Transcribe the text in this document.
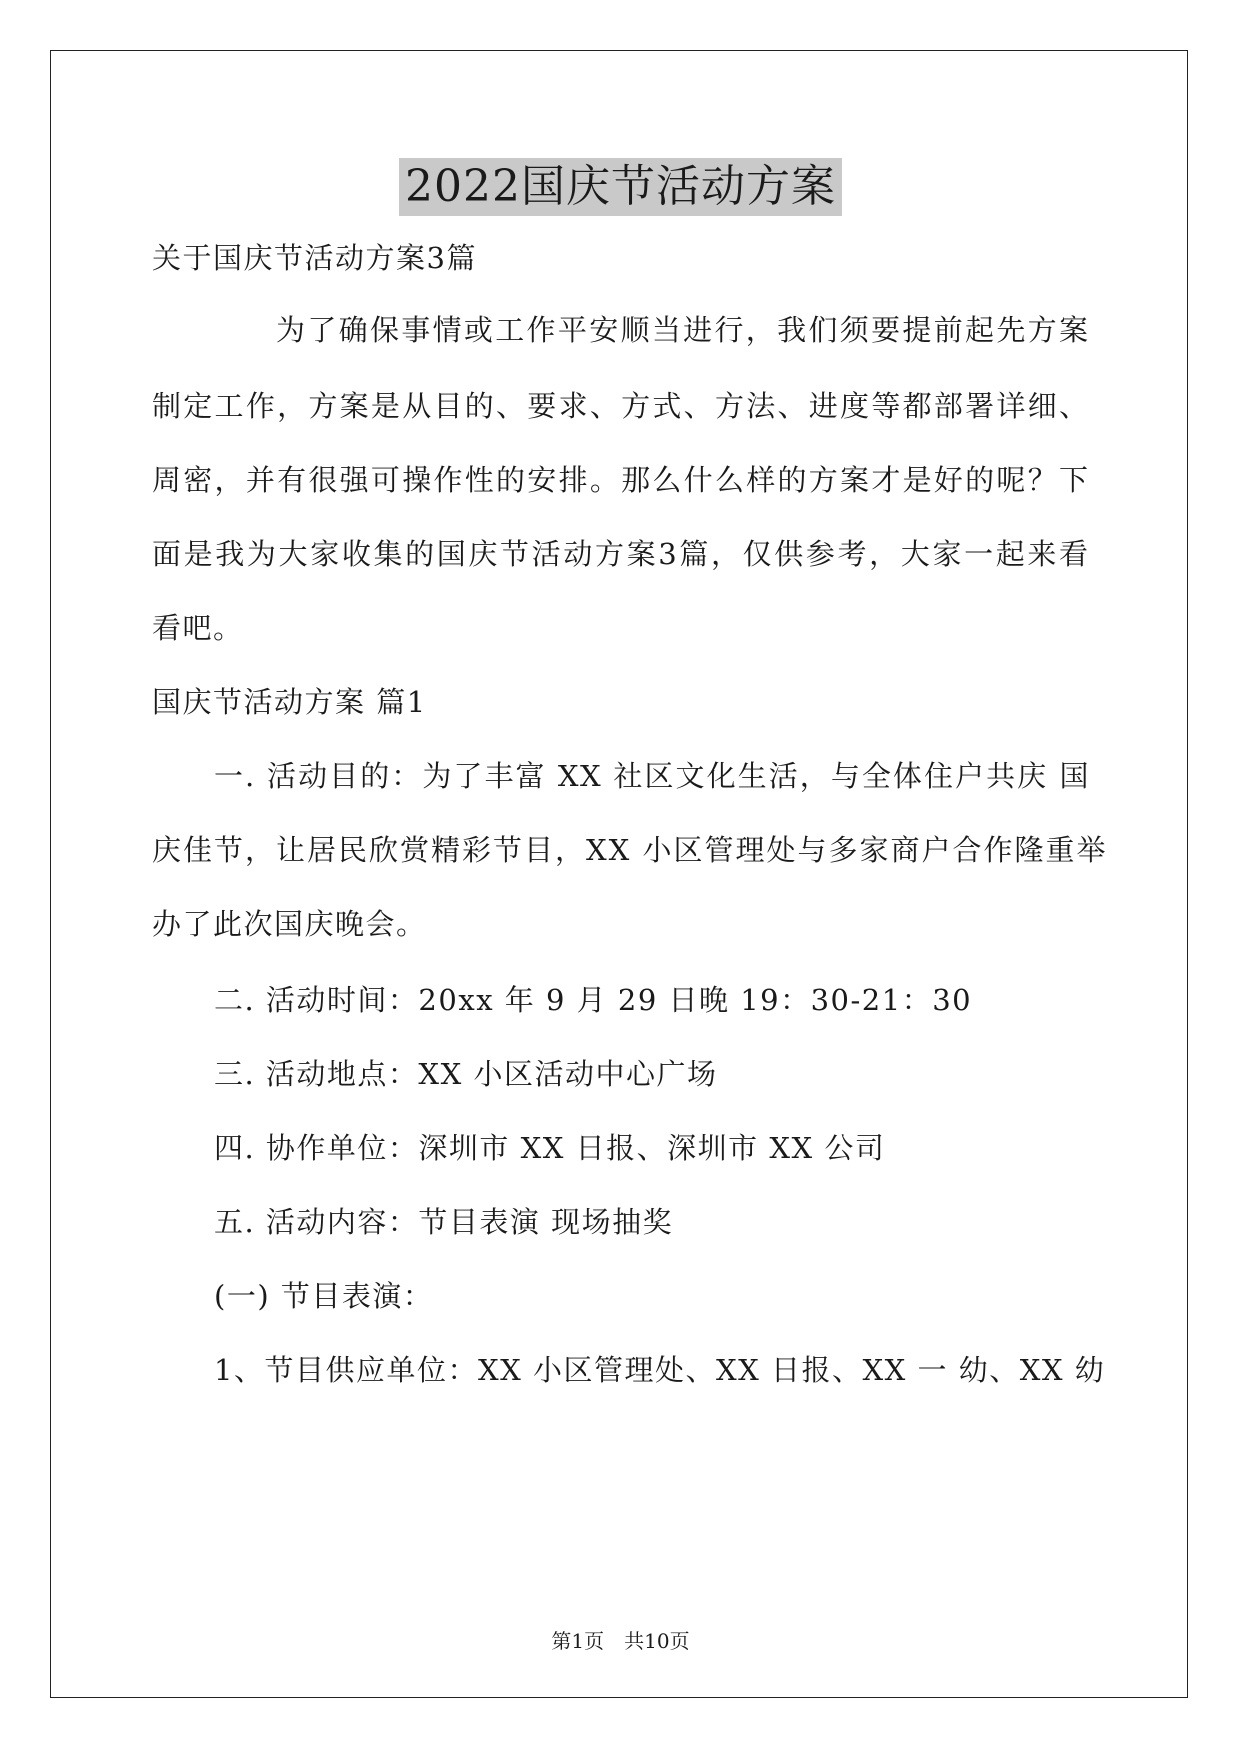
2022国庆节活动方案
关于国庆节活动方案3篇
为了确保事情或工作平安顺当进行，我们须要提前起先方案
制定工作，方案是从目的、要求、方式、方法、进度等都部署详细、
周密，并有很强可操作性的安排。那么什么样的方案才是好的呢？下
面是我为大家收集的国庆节活动方案3篇，仅供参考，大家一起来看
看吧。
国庆节活动方案 篇1
一. 活动目的：为了丰富 XX 社区文化生活，与全体住户共庆 国
庆佳节，让居民欣赏精彩节目，XX 小区管理处与多家商户合作隆重举
办了此次国庆晚会。
二. 活动时间：20xx 年 9 月 29 日晚 19：30-21：30
三. 活动地点：XX 小区活动中心广场
四. 协作单位：深圳市 XX 日报、深圳市 XX 公司
五. 活动内容：节目表演 现场抽奖
(一) 节目表演：
1、节目供应单位：XX 小区管理处、XX 日报、XX 一 幼、XX 幼
第1页 共10页
